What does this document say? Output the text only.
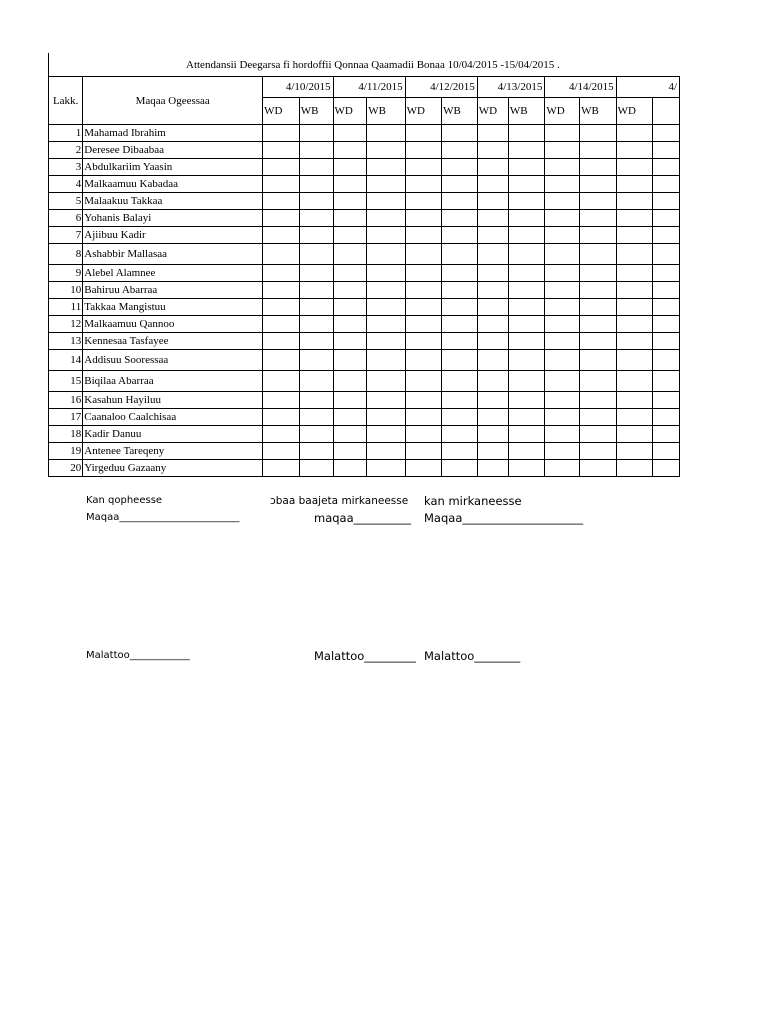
Attendansii Deegarsa fi hordoffii Qonnaa Qaamadii Bonaa 10/04/2015 -15/04/2015 .
Lakk.	Maqaa Ogeessaa	4/10/2015		4/11/2015		4/12/2015		4/13/2015		4/14/2015		4/	
		WD	WB	WD	WB	WD	WB	WD	WB	WD	WB	WD	
1	Mahamad Ibrahim												
2	Deresee Dibaabaa												
3	Abdulkariim Yaasin												
4	Malkaamuu Kabadaa												
5	Malaakuu Takkaa												
6	Yohanis Balayi												
7	Ajiibuu Kadir												
8	Ashabbir Mallasaa												
9	Alebel Alamnee												
10	Bahiruu Abarraa												
11	Takkaa Mangistuu												
12	Malkaamuu Qannoo												
13	Kennesaa Tasfayee												
14	Addisuu Sooressaa												
15	Biqilaa Abarraa												
16	Kasahun Hayiluu												
17	Caanaloo Caalchisaa												
18	Kadir Danuu												
19	Antenee Tareqeny												
20	Yirgeduu Gazaany												
Kan qopheesse	ɔbaa baajeta mirkaneesse kan mirkaneesse
Maqaa________________________	maqaa__________ Maqaa_____________________
Malattoo____________	Malattoo_________ Malattoo________
